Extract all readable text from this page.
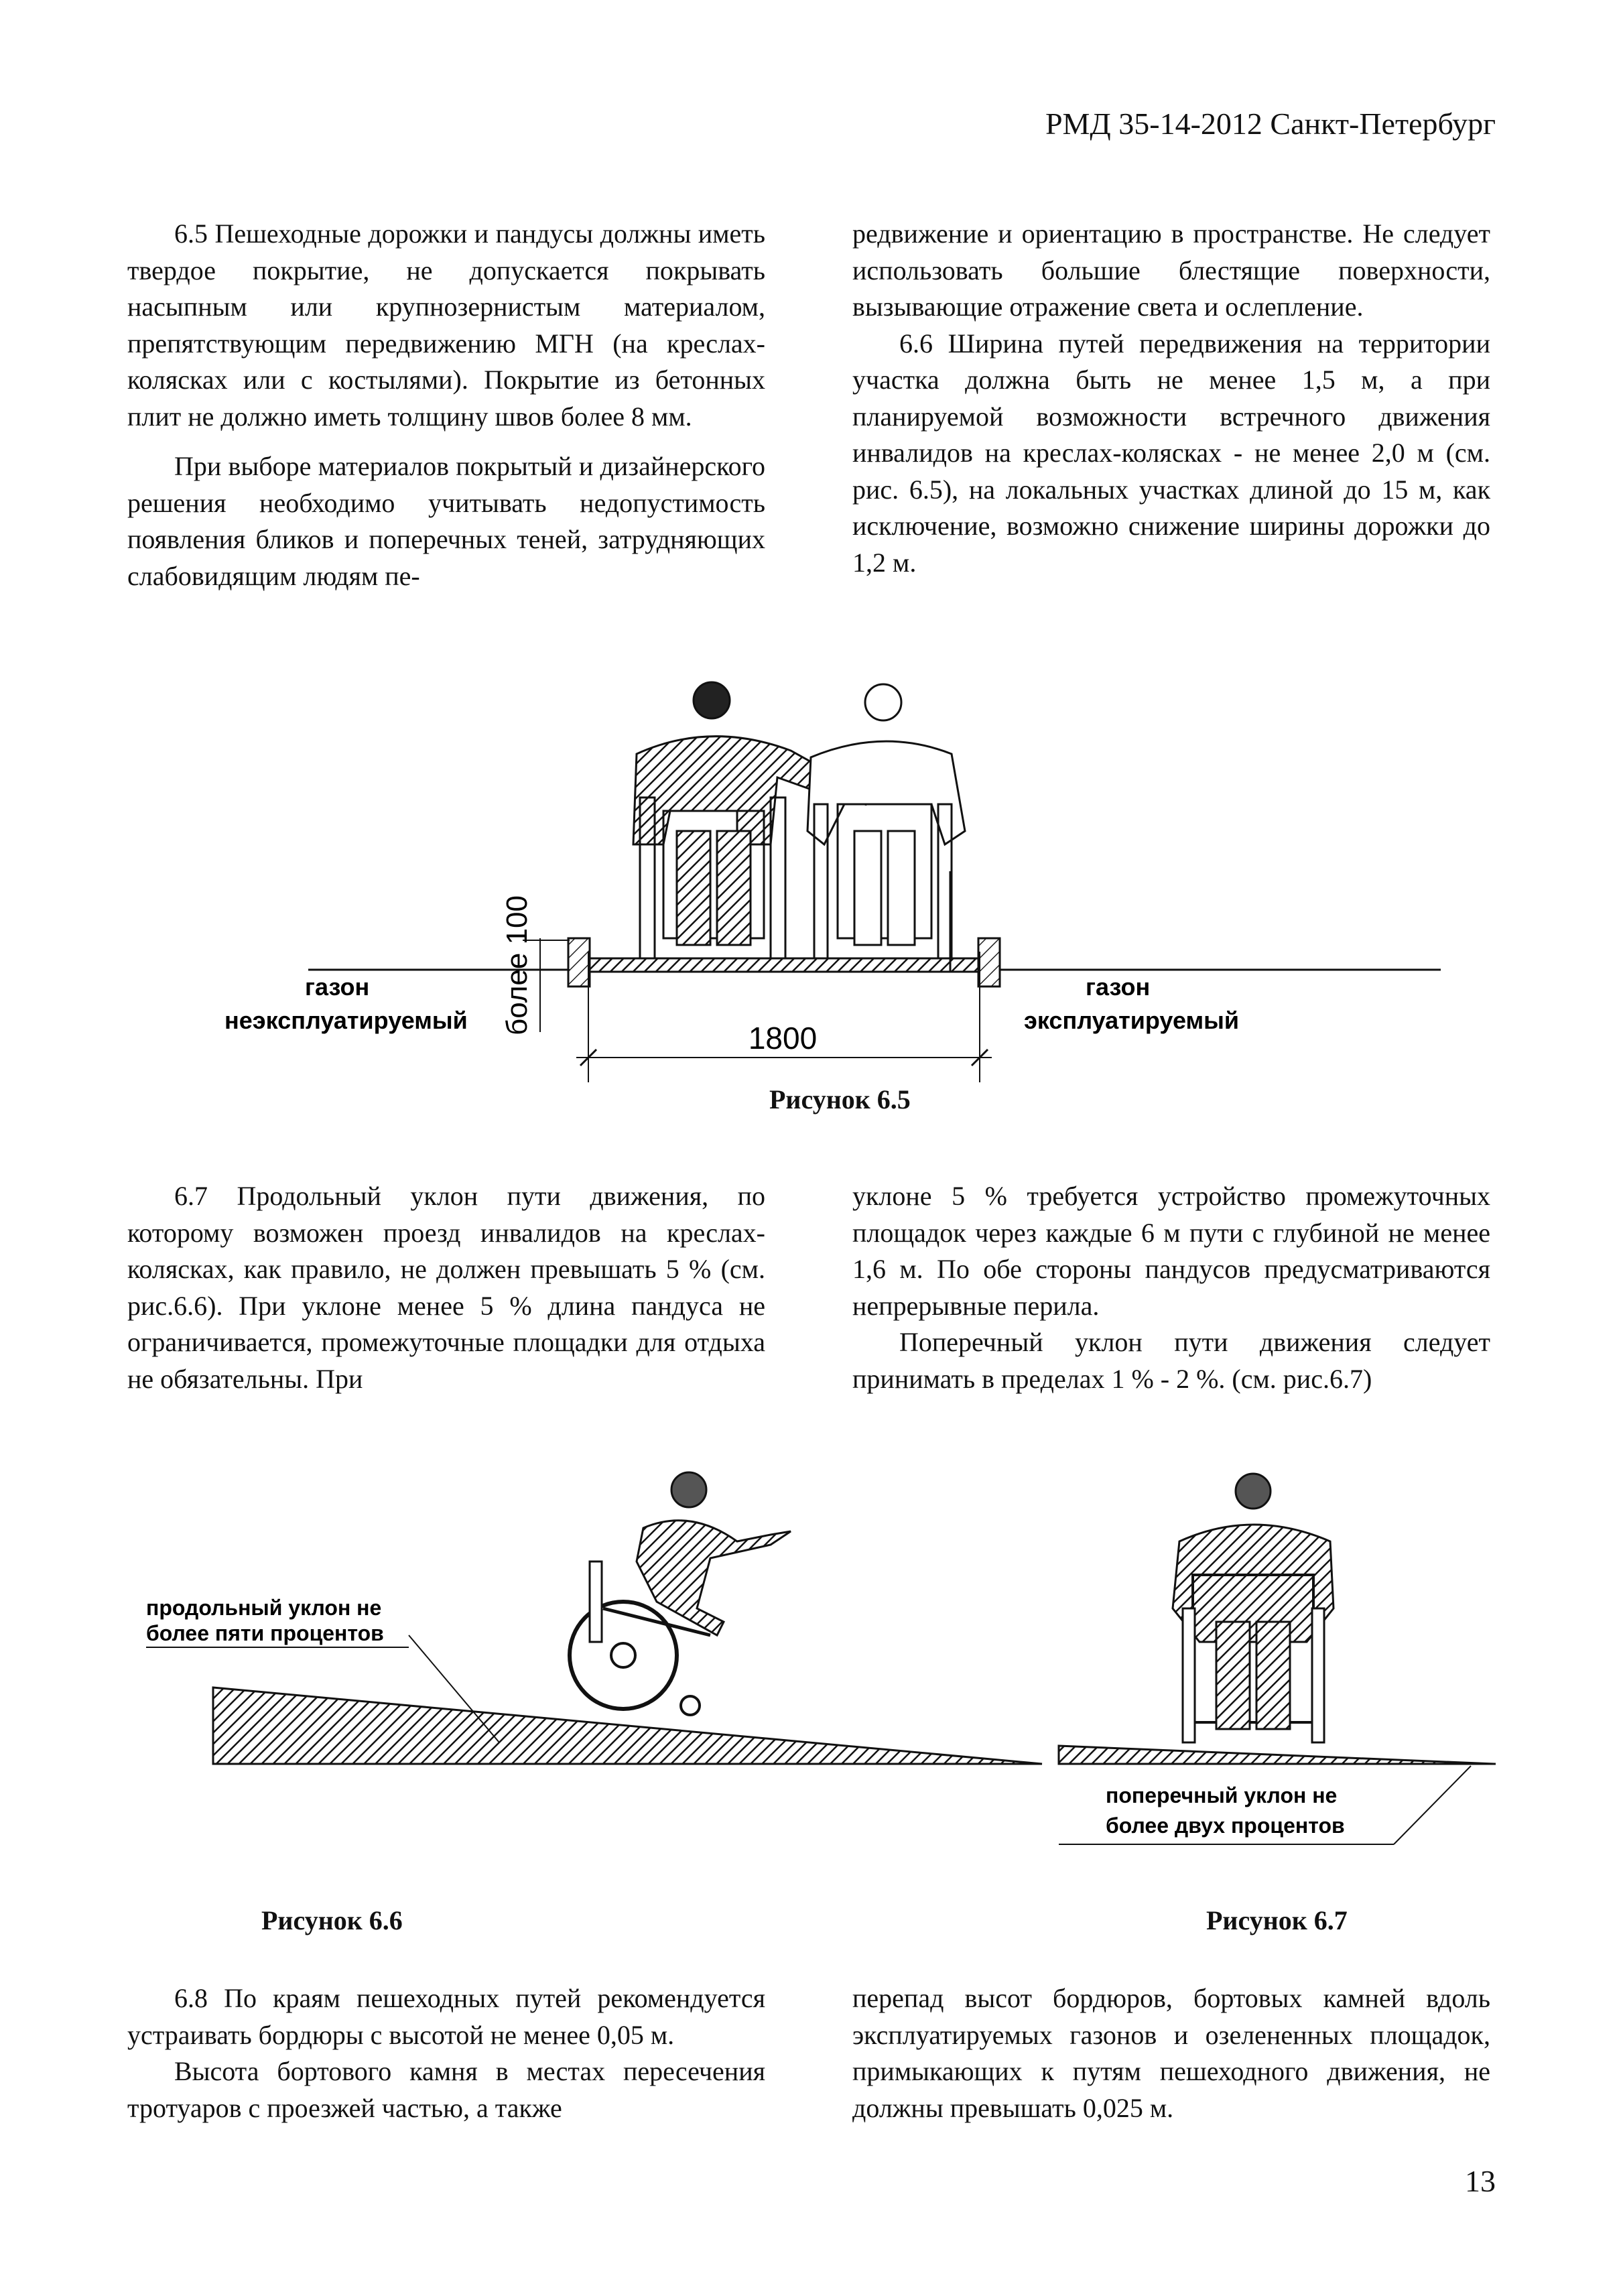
РМД 35-14-2012 Санкт-Петербург

6.5 Пешеходные дорожки и пандусы должны иметь твердое покрытие, не допускается покрывать насыпным или крупнозернистым материалом, препятствующим передвижению МГН (на креслах-колясках или с костылями). Покрытие из бетонных плит не должно иметь толщину швов более 8 мм.

При выборе материалов покрытый и дизайнерского решения необходимо учитывать недопустимость появления бликов и поперечных теней, затрудняющих слабовидящим людям пе-

редвижение и ориентацию в пространстве. Не следует использовать большие блестящие поверхности, вызывающие отражение света и ослепление.

6.6 Ширина путей передвижения на территории участка должна быть не менее 1,5 м, а при планируемой возможности встречного движения инвалидов на креслах-колясках - не менее 2,0 м (см. рис. 6.5), на локальных участках длиной до 15 м, как исключение, возможно снижение ширины дорожки до 1,2 м.

1800
более 100
газон
неэксплуатируемый
газон
эксплуатируемый
Рисунок 6.5

6.7 Продольный уклон пути движения, по которому возможен проезд инвалидов на креслах-колясках, как правило, не должен превышать 5 % (см. рис.6.6). При уклоне менее 5 % длина пандуса не ограничивается, промежуточные площадки для отдыха не обязательны. При

уклоне 5 % требуется устройство промежуточных площадок через каждые 6 м пути с глубиной не менее 1,6 м. По обе стороны пандусов предусматриваются непрерывные перила.

Поперечный уклон пути движения следует принимать в пределах 1 % - 2 %. (см. рис.6.7)

продольный уклон не
более пяти процентов
поперечный уклон не
более двух процентов
Рисунок 6.6	Рисунок 6.7

6.8 По краям пешеходных путей рекомендуется устраивать бордюры с высотой не менее 0,05 м.

Высота бортового камня в местах пересечения тротуаров с проезжей частью, а также

перепад высот бордюров, бортовых камней вдоль эксплуатируемых газонов и озелененных площадок, примыкающих к путям пешеходного движения, не должны превышать 0,025 м.

13
